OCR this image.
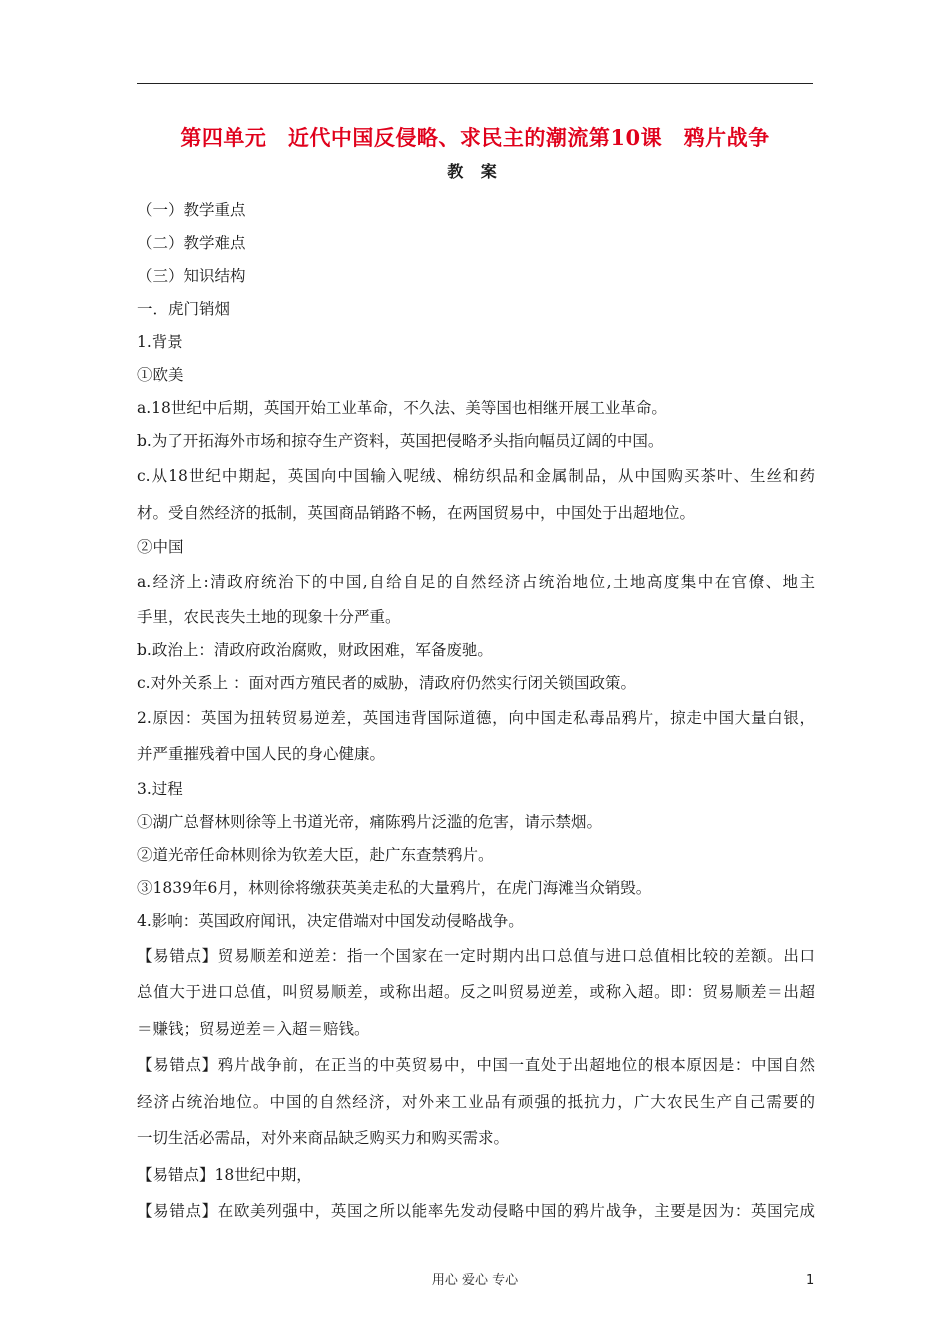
第四单元　近代中国反侵略、求民主的潮流第10课　鸦片战争
教 案
（一）教学重点
（二）教学难点
（三）知识结构
一．虎门销烟
1.背景
①欧美
a.18世纪中后期，英国开始工业革命，不久法、美等国也相继开展工业革命。
b.为了开拓海外市场和掠夺生产资料，英国把侵略矛头指向幅员辽阔的中国。
c.从18世纪中期起，英国向中国输入呢绒、棉纺织品和金属制品，从中国购买茶叶、生丝和药
材。受自然经济的抵制，英国商品销路不畅，在两国贸易中，中国处于出超地位。
②中国
a.经济上:清政府统治下的中国,自给自足的自然经济占统治地位,土地高度集中在官僚、地主
手里，农民丧失土地的现象十分严重。
b.政治上：清政府政治腐败，财政困难，军备废驰。
c.对外关系上 ：面对西方殖民者的威胁，清政府仍然实行闭关锁国政策。
2.原因：英国为扭转贸易逆差，英国违背国际道德，向中国走私毒品鸦片，掠走中国大量白银，
并严重摧残着中国人民的身心健康。
3.过程
①湖广总督林则徐等上书道光帝，痛陈鸦片泛滥的危害，请示禁烟。
②道光帝任命林则徐为钦差大臣，赴广东查禁鸦片。
③1839年6月，林则徐将缴获英美走私的大量鸦片，在虎门海滩当众销毁。
4.影响：英国政府闻讯，决定借端对中国发动侵略战争。
【易错点】贸易顺差和逆差：指一个国家在一定时期内出口总值与进口总值相比较的差额。出口
总值大于进口总值，叫贸易顺差，或称出超。反之叫贸易逆差，或称入超。即：贸易顺差＝出超
＝赚钱；贸易逆差＝入超＝赔钱。
【易错点】鸦片战争前，在正当的中英贸易中，中国一直处于出超地位的根本原因是：中国自然
经济占统治地位。中国的自然经济，对外来工业品有顽强的抵抗力，广大农民生产自己需要的
一切生活必需品，对外来商品缺乏购买力和购买需求。
【易错点】18世纪中期，
【易错点】在欧美列强中，英国之所以能率先发动侵略中国的鸦片战争，主要是因为：英国完成
用心 爱心 专心	1
